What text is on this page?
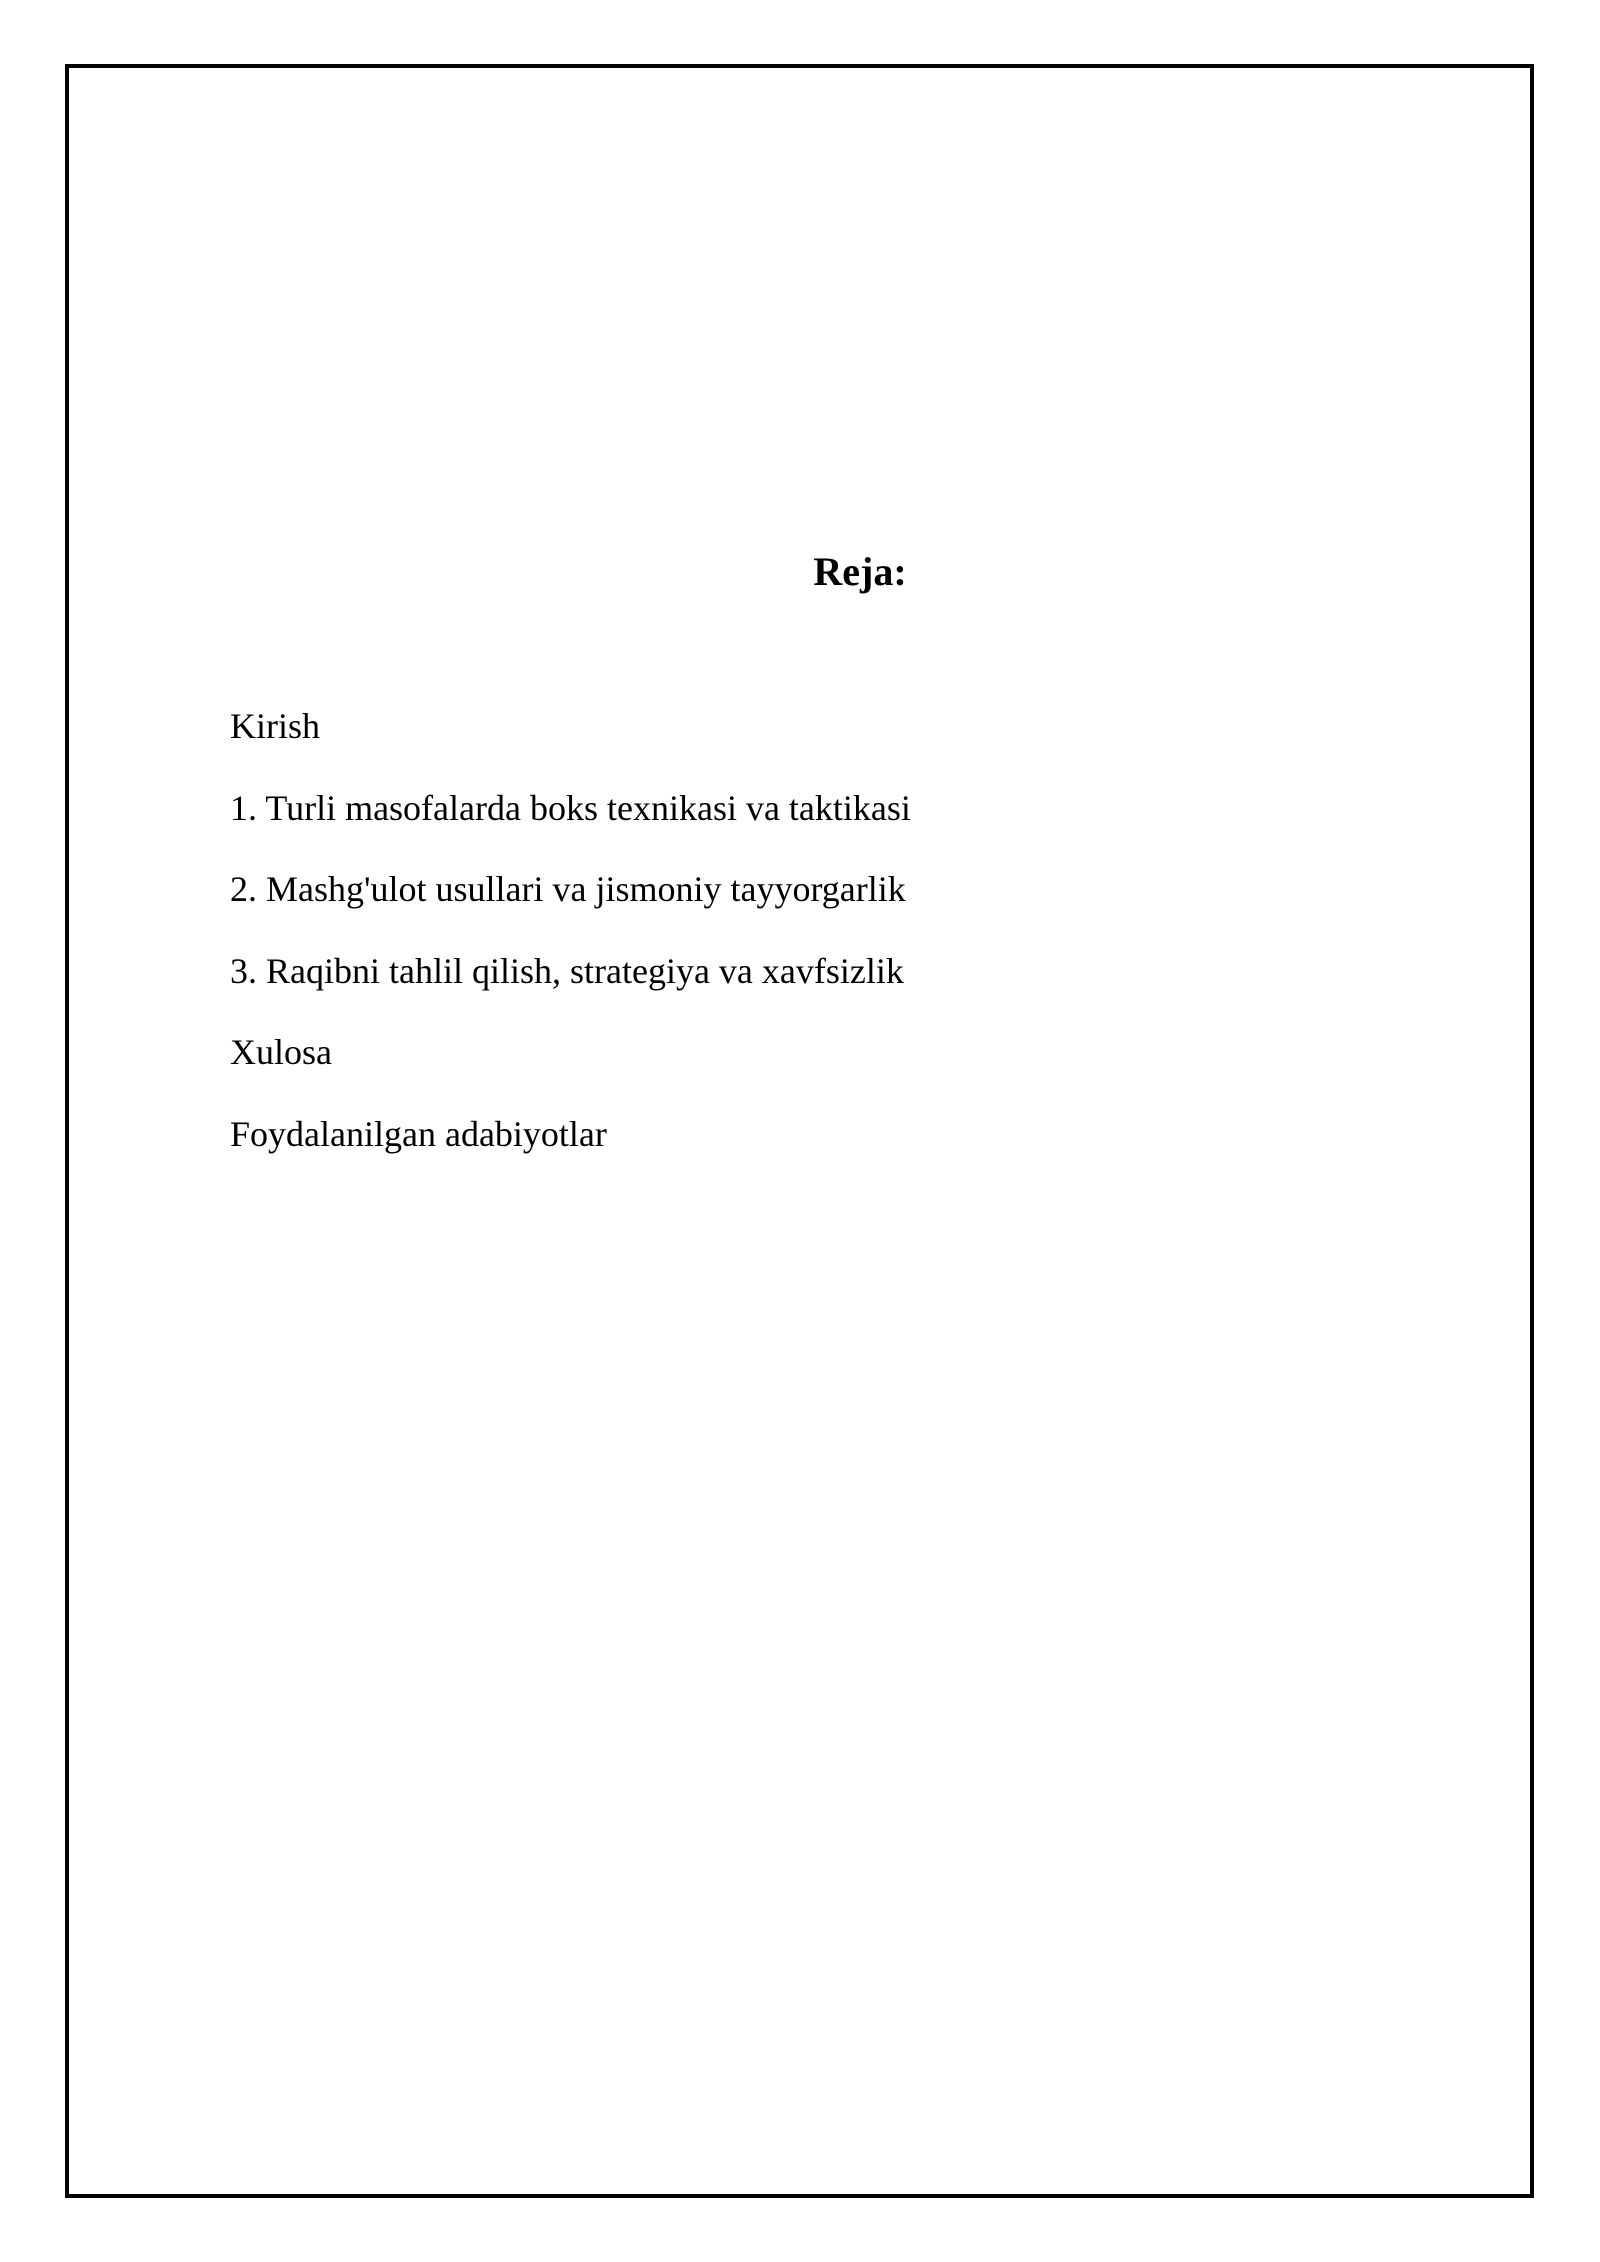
Reja:
Kirish
1. Turli masofalarda boks texnikasi va taktikasi
2. Mashg'ulot usullari va jismoniy tayyorgarlik
3. Raqibni tahlil qilish, strategiya va xavfsizlik
Xulosa
Foydalanilgan adabiyotlar
